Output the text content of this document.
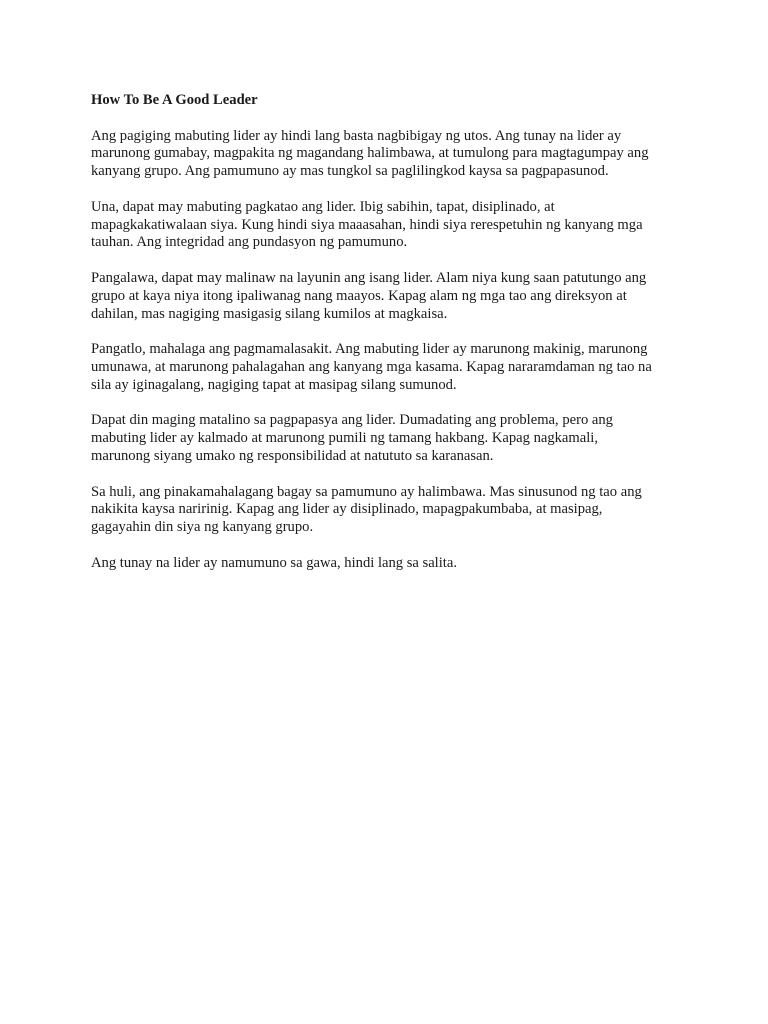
How To Be A Good Leader
Ang pagiging mabuting lider ay hindi lang basta nagbibigay ng utos. Ang tunay na lider ay
marunong gumabay, magpakita ng magandang halimbawa, at tumulong para magtagumpay ang
kanyang grupo. Ang pamumuno ay mas tungkol sa paglilingkod kaysa sa pagpapasunod.
Una, dapat may mabuting pagkatao ang lider. Ibig sabihin, tapat, disiplinado, at
mapagkakatiwalaan siya. Kung hindi siya maaasahan, hindi siya rerespetuhin ng kanyang mga
tauhan. Ang integridad ang pundasyon ng pamumuno.
Pangalawa, dapat may malinaw na layunin ang isang lider. Alam niya kung saan patutungo ang
grupo at kaya niya itong ipaliwanag nang maayos. Kapag alam ng mga tao ang direksyon at
dahilan, mas nagiging masigasig silang kumilos at magkaisa.
Pangatlo, mahalaga ang pagmamalasakit. Ang mabuting lider ay marunong makinig, marunong
umunawa, at marunong pahalagahan ang kanyang mga kasama. Kapag nararamdaman ng tao na
sila ay iginagalang, nagiging tapat at masipag silang sumunod.
Dapat din maging matalino sa pagpapasya ang lider. Dumadating ang problema, pero ang
mabuting lider ay kalmado at marunong pumili ng tamang hakbang. Kapag nagkamali,
marunong siyang umako ng responsibilidad at natututo sa karanasan.
Sa huli, ang pinakamahalagang bagay sa pamumuno ay halimbawa. Mas sinusunod ng tao ang
nakikita kaysa naririnig. Kapag ang lider ay disiplinado, mapagpakumbaba, at masipag,
gagayahin din siya ng kanyang grupo.
Ang tunay na lider ay namumuno sa gawa, hindi lang sa salita.
